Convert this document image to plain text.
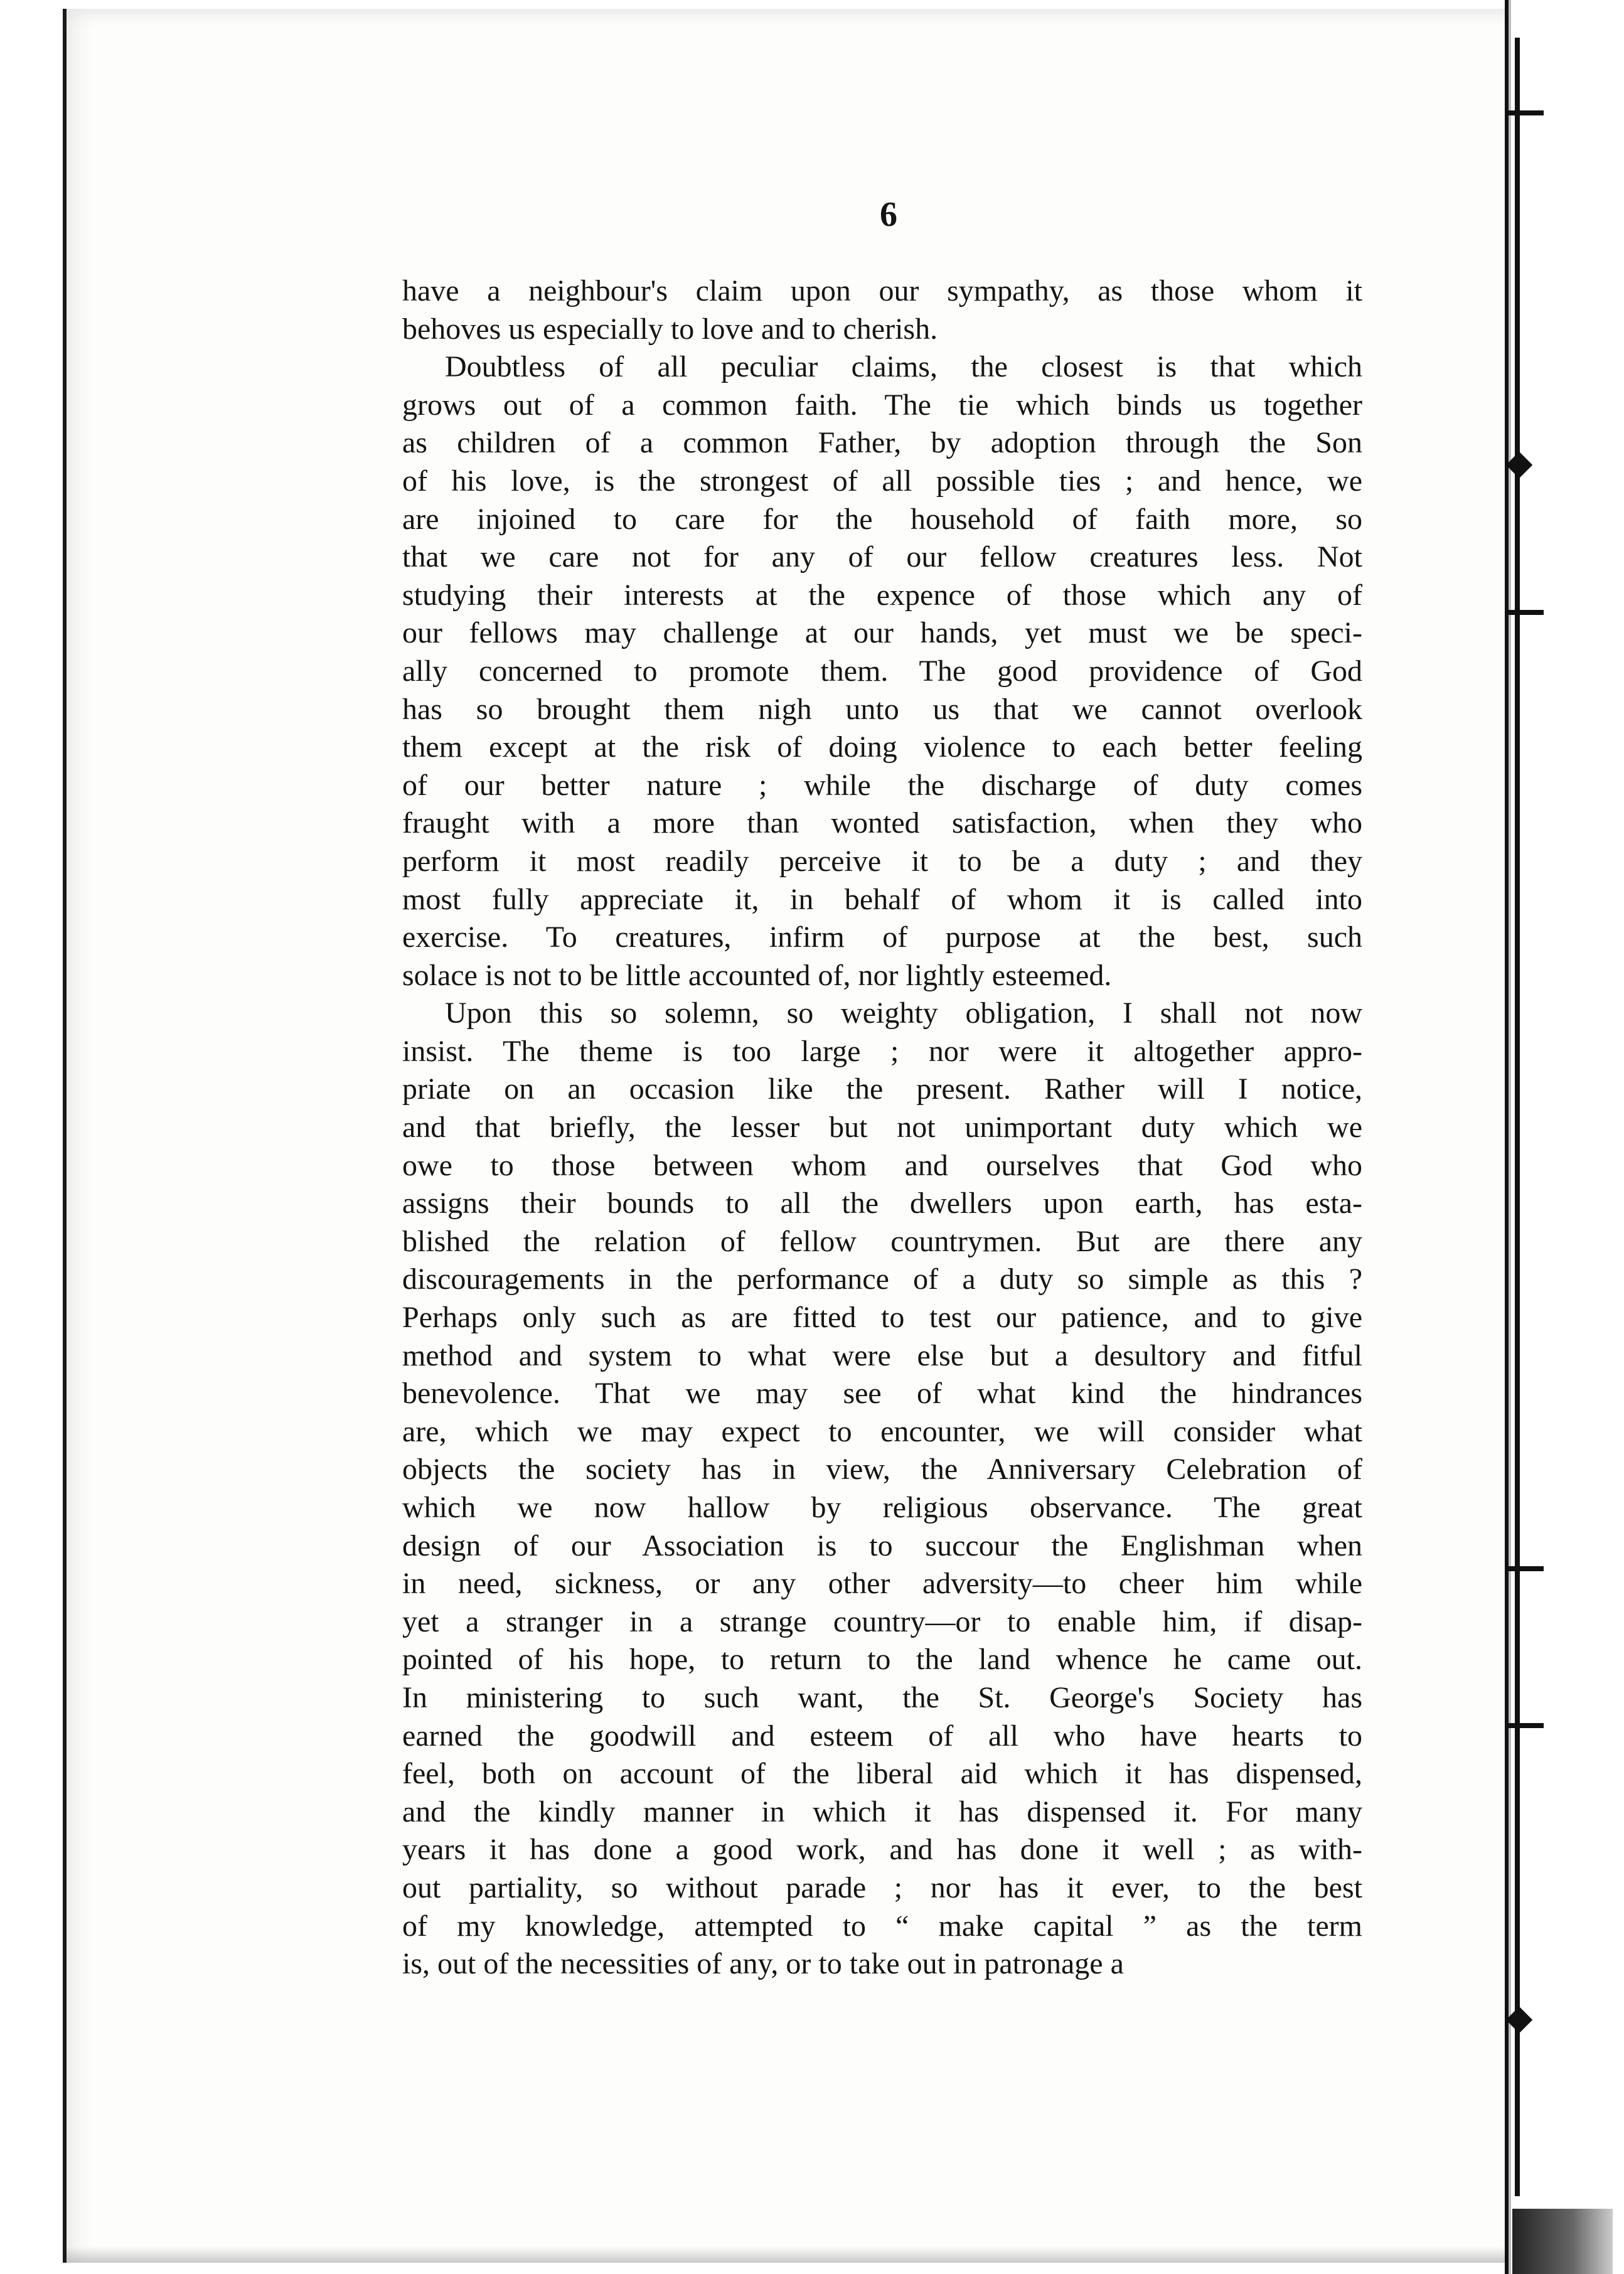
6

have a neighbour's claim upon our sympathy, as those whom it
behoves us especially to love and to cherish.
Doubtless of all peculiar claims, the closest is that which
grows out of a common faith. The tie which binds us together
as children of a common Father, by adoption through the Son
of his love, is the strongest of all possible ties ; and hence, we
are injoined to care for the household of faith more, so
that we care not for any of our fellow creatures less. Not
studying their interests at the expence of those which any of
our fellows may challenge at our hands, yet must we be speci-
ally concerned to promote them. The good providence of God
has so brought them nigh unto us that we cannot overlook
them except at the risk of doing violence to each better feeling
of our better nature ; while the discharge of duty comes
fraught with a more than wonted satisfaction, when they who
perform it most readily perceive it to be a duty ; and they
most fully appreciate it, in behalf of whom it is called into
exercise. To creatures, infirm of purpose at the best, such
solace is not to be little accounted of, nor lightly esteemed.
Upon this so solemn, so weighty obligation, I shall not now
insist. The theme is too large ; nor were it altogether appro-
priate on an occasion like the present. Rather will I notice,
and that briefly, the lesser but not unimportant duty which we
owe to those between whom and ourselves that God who
assigns their bounds to all the dwellers upon earth, has esta-
blished the relation of fellow countrymen. But are there any
discouragements in the performance of a duty so simple as this ?
Perhaps only such as are fitted to test our patience, and to give
method and system to what were else but a desultory and fitful
benevolence. That we may see of what kind the hindrances
are, which we may expect to encounter, we will consider what
objects the society has in view, the Anniversary Celebration of
which we now hallow by religious observance. The great
design of our Association is to succour the Englishman when
in need, sickness, or any other adversity—to cheer him while
yet a stranger in a strange country—or to enable him, if disap-
pointed of his hope, to return to the land whence he came out.
In ministering to such want, the St. George's Society has
earned the goodwill and esteem of all who have hearts to
feel, both on account of the liberal aid which it has dispensed,
and the kindly manner in which it has dispensed it. For many
years it has done a good work, and has done it well ; as with-
out partiality, so without parade ; nor has it ever, to the best
of my knowledge, attempted to “ make capital ” as the term
is, out of the necessities of any, or to take out in patronage a
